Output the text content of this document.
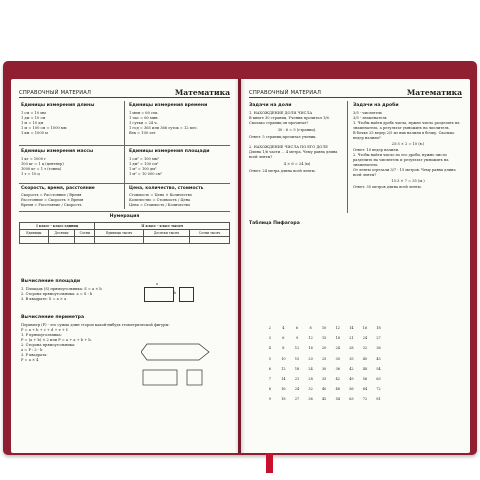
СПРАВОЧНЫЙ МАТЕРИАЛ	Математика
Единицы измерения длины
1 см = 10 мм
1 дм = 10 см
1 м = 10 дм
1 м = 100 см = 1000 мм
1 км = 1000 м
Единицы измерения времени
1 мин = 60 сек.
1 час = 60 мин.
1 сутки = 24 ч.
1 год = 365 или 366 суток = 12 мес.
Век = 100 лет
Единицы измерения массы
1 кг = 1000 г
100 кг = 1 ц (центнер)
1000 кг = 1 т (тонна)
1 т = 10 ц
Единицы измерения площади
1 см² = 100 мм²
1 дм² = 100 см²
1 м² = 100 дм²
1 м² = 10 000 см²
Скорость, время, расстояние
Скорость = Расстояние / Время
Расстояние = Скорость × Время
Время = Расстояние / Скорость
Цена, количество, стоимость
Стоимость = Цена × Количество
Количество = Стоимость / Цена
Цена = Стоимость / Количество
Нумерация
I класс - класс единиц			II класс - класс тысяч		
Единицы	Десятки	Сотни	Единицы тысяч	Десятки тысяч	Сотни тысяч

Вычисление площади
1. Площадь (S) прямоугольника: S = a × b
2. Сторона прямоугольника: a = S : b
3. В квадрате: S = a × a
a
b
Вычисление периметра
Периметр (P) - это сумма длин сторон какой-нибудь геометрической фигуры:
P = a + b + c + d + e + f.
1. P прямоугольника:
P = (a + b) × 2 или P = a + a + b + b.
2. Сторона прямоугольника:
a = P : 2 - b
3. P квадрата:
P = a × 4
СПРАВОЧНЫЙ МАТЕРИАЛ	Математика
Задачи на доли
1. НАХОЖДЕНИЕ ДОЛИ ЧИСЛА
В книге 30 страниц. Ученик прочитал 1/6. Сколько страниц он прочитал?
30 : 6 = 5 (страниц).
Ответ: 5 страниц прочитал ученик.
2. НАХОЖДЕНИЕ ЧИСЛА ПО ЕГО ДОЛЕ
Длина 1/6 части ... 4 метра. Чему равна длина всей ленты?
4 × 6 = 24 (м)
Ответ: 24 метра длина всей ленты.
Задачи на дроби
3/5 - числитель
3/5 - знаменатель
1. Чтобы найти дробь числа, нужно число разделить на знаменатель, а результат умножить на числитель.
В бочке 25 ведер 2/5 из них налили в бочку. Сколько ведер налили?
25:5 × 2 = 10 (в.)
Ответ: 10 ведер налили.
2. Чтобы найти число по его дроби, нужно число разделить на числитель и результат умножить на знаменатель.
От ленты отрезали 3/7 - 15 метров. Чему равна длина всей ленты?
15:3 × 7 = 35 (м.)
Ответ: 35 метров длина всей ленты.
Таблица Пифагора
2	4	6	8	10	12	14	16	18
3	6	9	12	15	18	21	24	27
4	8	12	16	20	24	28	32	36
5	10	15	20	25	30	35	40	45
6	12	18	24	30	36	42	48	54
7	14	21	28	35	42	49	56	63
8	16	24	32	40	48	56	64	72
9	18	27	36	45	54	63	72	81
